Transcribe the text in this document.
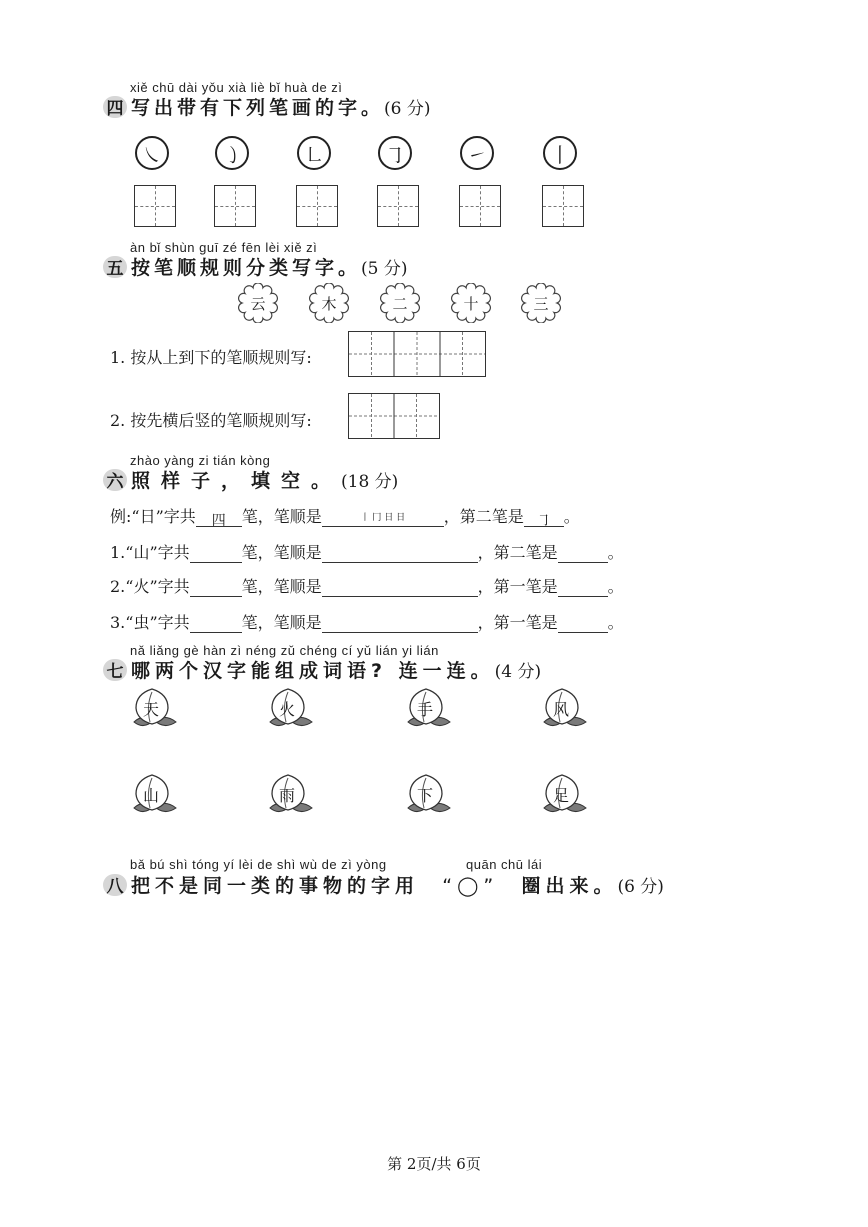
xiě chū dài yǒu xià liè bǐ huà de zì
四 写出带有下列笔画的字。(6 分)
㇏	㇁	㇗	㇆	㇀	丨
àn bǐ shùn guī zé fēn lèi xiě zì
五 按笔顺规则分类写字。(5 分)
云	木	二	十	三
1. 按从上到下的笔顺规则写:
2. 按先横后竖的笔顺规则写:
zhào yàng zi tián kòng
六 照样子，填空。(18 分)
例:“日”字共 四 笔，笔顺是	丨 冂 日 日 ，第二笔是 ㇆ 。
1.“山”字共	笔，笔顺是	，第二笔是	。
2.“火”字共	笔，笔顺是	，第一笔是	。
3.“虫”字共	笔，笔顺是	，第一笔是	。
nǎ liǎng gè hàn zì néng zǔ chéng cí yǔ lián yi lián
七 哪两个汉字能组成词语? 连一连。(4 分)
天	火	手	风
山	雨	下	足
bǎ bú shì tóng yí lèi de shì wù de zì yòng	quān chū lái
八 把不是同一类的事物的字用 “◯” 圈出来。(6 分)
第 2页/共 6页
